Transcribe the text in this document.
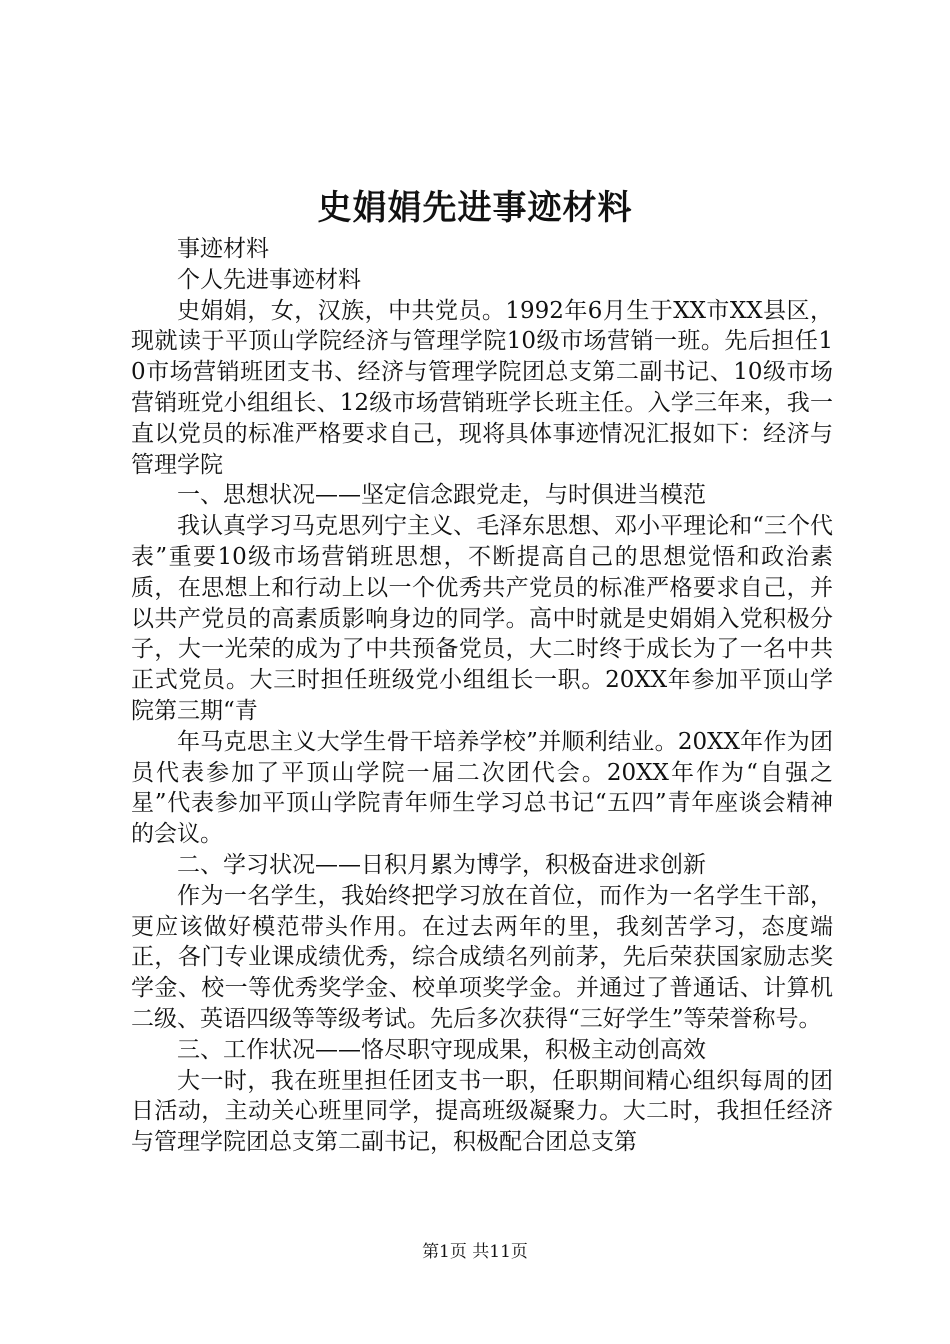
史娟娟先进事迹材料

事迹材料

个人先进事迹材料

史娟娟，女，汉族，中共党员。1992年6月生于XX市XX县区，现就读于平顶山学院经济与管理学院10级市场营销一班。先后担任10市场营销班团支书、经济与管理学院团总支第二副书记、10级市场营销班党小组组长、12级市场营销班学长班主任。入学三年来，我一直以党员的标准严格要求自己，现将具体事迹情况汇报如下：经济与管理学院

一、思想状况——坚定信念跟党走，与时俱进当模范

我认真学习马克思列宁主义、毛泽东思想、邓小平理论和“三个代表”重要10级市场营销班思想，不断提高自己的思想觉悟和政治素质，在思想上和行动上以一个优秀共产党员的标准严格要求自己，并以共产党员的高素质影响身边的同学。高中时就是史娟娟入党积极分子，大一光荣的成为了中共预备党员，大二时终于成长为了一名中共正式党员。大三时担任班级党小组组长一职。20XX年参加平顶山学院第三期“青

年马克思主义大学生骨干培养学校”并顺利结业。20XX年作为团员代表参加了平顶山学院一届二次团代会。20XX年作为“自强之星”代表参加平顶山学院青年师生学习总书记“五四”青年座谈会精神的会议。

二、学习状况——日积月累为博学，积极奋进求创新

作为一名学生，我始终把学习放在首位，而作为一名学生干部，更应该做好模范带头作用。在过去两年的里，我刻苦学习，态度端正，各门专业课成绩优秀，综合成绩名列前茅，先后荣获国家励志奖学金、校一等优秀奖学金、校单项奖学金。并通过了普通话、计算机二级、英语四级等等级考试。先后多次获得“三好学生”等荣誉称号。

三、工作状况——恪尽职守现成果，积极主动创高效

大一时，我在班里担任团支书一职，任职期间精心组织每周的团日活动，主动关心班里同学，提高班级凝聚力。大二时，我担任经济与管理学院团总支第二副书记，积极配合团总支第

第1页 共11页
